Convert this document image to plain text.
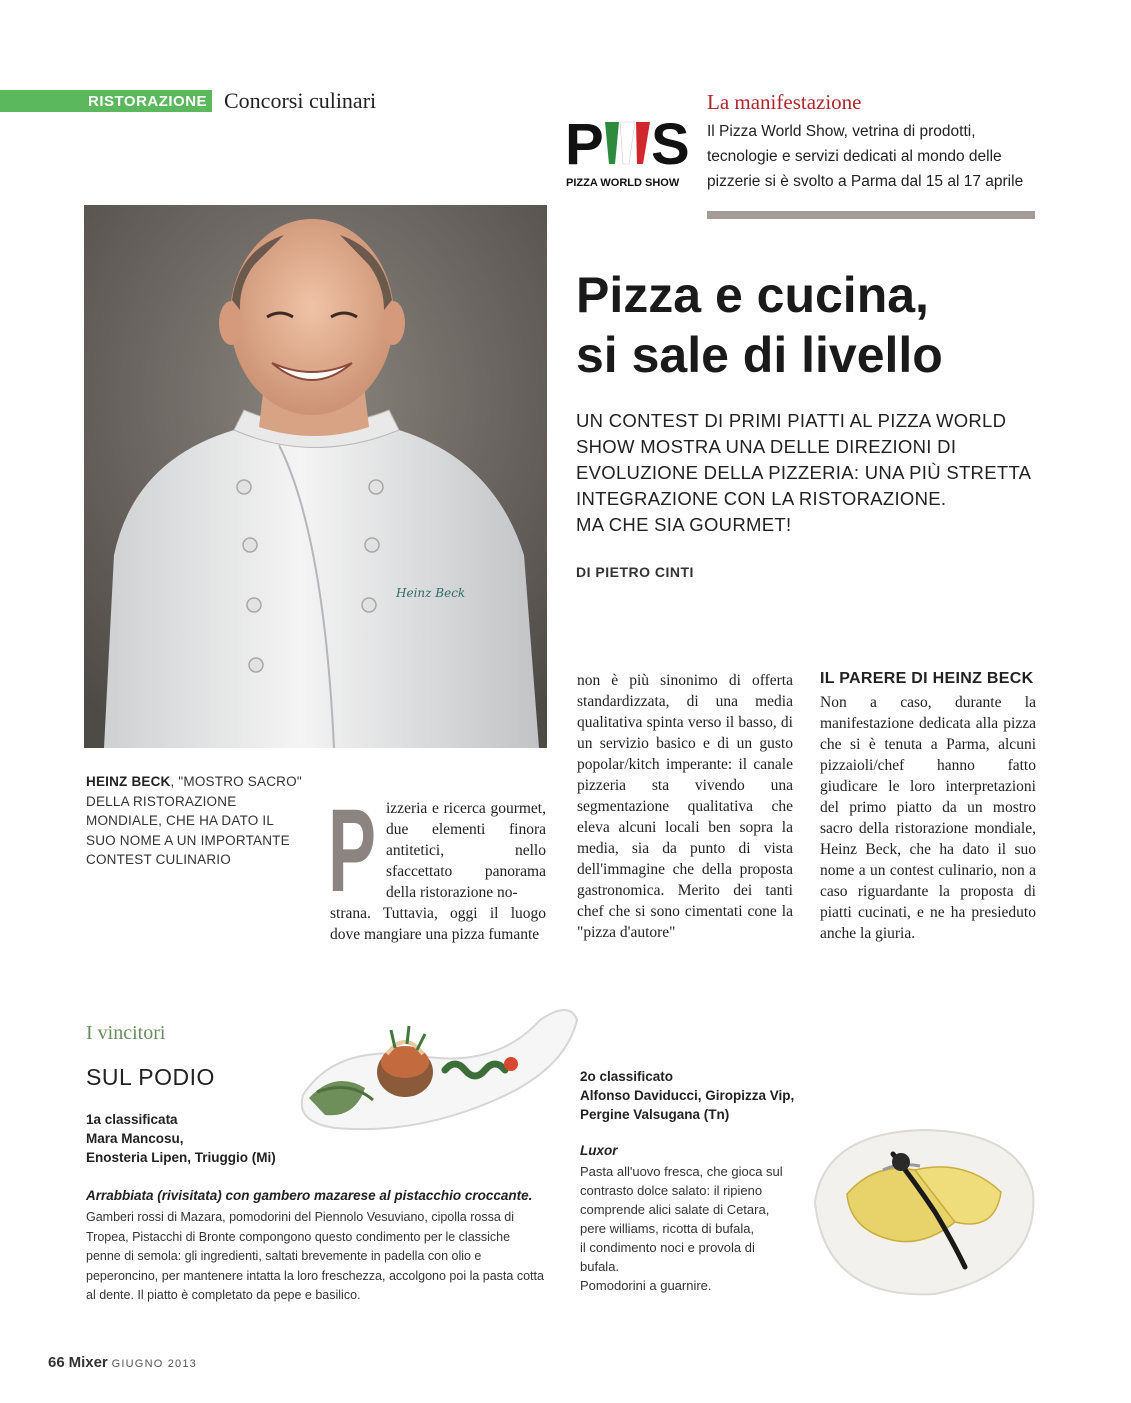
RISTORAZIONE Concorsi culinari
P S
PIZZA WORLD SHOW
La manifestazione
Il Pizza World Show, vetrina di prodotti,
tecnologie e servizi dedicati al mondo delle
pizzerie si è svolto a Parma dal 15 al 17 aprile
Heinz Beck
Pizza e cucina,
si sale di livello
UN CONTEST DI PRIMI PIATTI AL PIZZA WORLD
SHOW MOSTRA UNA DELLE DIREZIONI DI
EVOLUZIONE DELLA PIZZERIA: UNA PIÙ STRETTA
INTEGRAZIONE CON LA RISTORAZIONE.
MA CHE SIA GOURMET!
DI PIETRO CINTI
HEINZ BECK, "MOSTRO SACRO" DELLA RISTORAZIONE MONDIALE, CHE HA DATO IL SUO NOME A UN IMPORTANTE CONTEST CULINARIO P izzeria e ricerca gourmet, due elementi finora antitetici, nello sfaccettato panorama della ristorazione no-
strana. Tuttavia, oggi il luogo dove mangiare una pizza fumante
non è più sinonimo di offerta standardizzata, di una media qualitativa spinta verso il basso, di un servizio basico e di un gusto popolar/kitch imperante: il canale pizzeria sta vivendo una segmentazione qualitativa che eleva alcuni locali ben sopra la media, sia da punto di vista dell'immagine che della proposta gastronomica. Merito dei tanti chef che si sono cimentati cone la "pizza d'autore"
IL PARERE DI HEINZ BECK
Non a caso, durante la manifestazione dedicata alla pizza che si è tenuta a Parma, alcuni pizzaioli/chef hanno fatto giudicare le loro interpretazioni del primo piatto da un mostro sacro della ristorazione mondiale, Heinz Beck, che ha dato il suo nome a un contest culinario, non a caso riguardante la proposta di piatti cucinati, e ne ha presieduto anche la giuria.
I vincitori
SUL PODIO
1a classificata
Mara Mancosu,
Enosteria Lipen, Triuggio (Mi)
Arrabbiata (rivisitata) con gambero mazarese al pistacchio croccante.
Gamberi rossi di Mazara, pomodorini del Piennolo Vesuviano, cipolla rossa di Tropea, Pistacchi di Bronte compongono questo condimento per le classiche penne di semola: gli ingredienti, saltati brevemente in padella con olio e peperoncino, per mantenere intatta la loro freschezza, accolgono poi la pasta cotta al dente. Il piatto è completato da pepe e basilico.
2o classificato
Alfonso Daviducci, Giropizza Vip,
Pergine Valsugana (Tn)
Luxor
Pasta all'uovo fresca, che gioca sul
contrasto dolce salato: il ripieno
comprende alici salate di Cetara,
pere williams, ricotta di bufala,
il condimento noci e provola di
bufala.
Pomodorini a guarnire.
66 Mixer GIUGNO 2013
